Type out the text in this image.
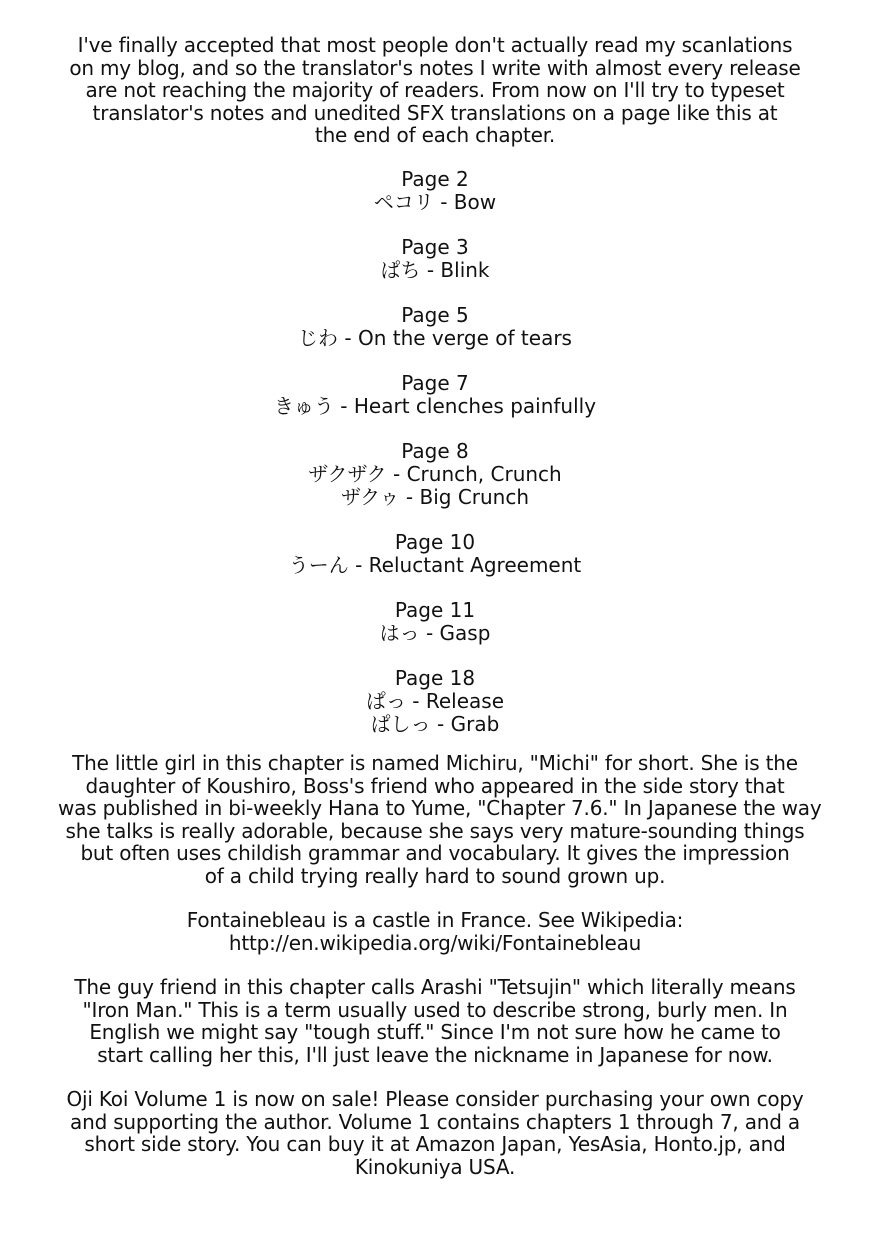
I've finally accepted that most people don't actually read my scanlations
on my blog, and so the translator's notes I write with almost every release
are not reaching the majority of readers. From now on I'll try to typeset
translator's notes and unedited SFX translations on a page like this at
the end of each chapter.
Page 2
ペコリ - Bow
Page 3
ぱち - Blink
Page 5
じわ - On the verge of tears
Page 7
きゅう - Heart clenches painfully
Page 8
ザクザク - Crunch, Crunch
ザクゥ - Big Crunch
Page 10
うーん - Reluctant Agreement
Page 11
はっ - Gasp
Page 18
ぱっ - Release
ぱしっ - Grab
The little girl in this chapter is named Michiru, "Michi" for short. She is the
daughter of Koushiro, Boss's friend who appeared in the side story that
was published in bi-weekly Hana to Yume, "Chapter 7.6." In Japanese the way
she talks is really adorable, because she says very mature-sounding things
but often uses childish grammar and vocabulary. It gives the impression
of a child trying really hard to sound grown up.
Fontainebleau is a castle in France. See Wikipedia:
http://en.wikipedia.org/wiki/Fontainebleau
The guy friend in this chapter calls Arashi "Tetsujin" which literally means
"Iron Man." This is a term usually used to describe strong, burly men. In
English we might say "tough stuff." Since I'm not sure how he came to
start calling her this, I'll just leave the nickname in Japanese for now.
Oji Koi Volume 1 is now on sale! Please consider purchasing your own copy
and supporting the author. Volume 1 contains chapters 1 through 7, and a
short side story. You can buy it at Amazon Japan, YesAsia, Honto.jp, and
Kinokuniya USA.
